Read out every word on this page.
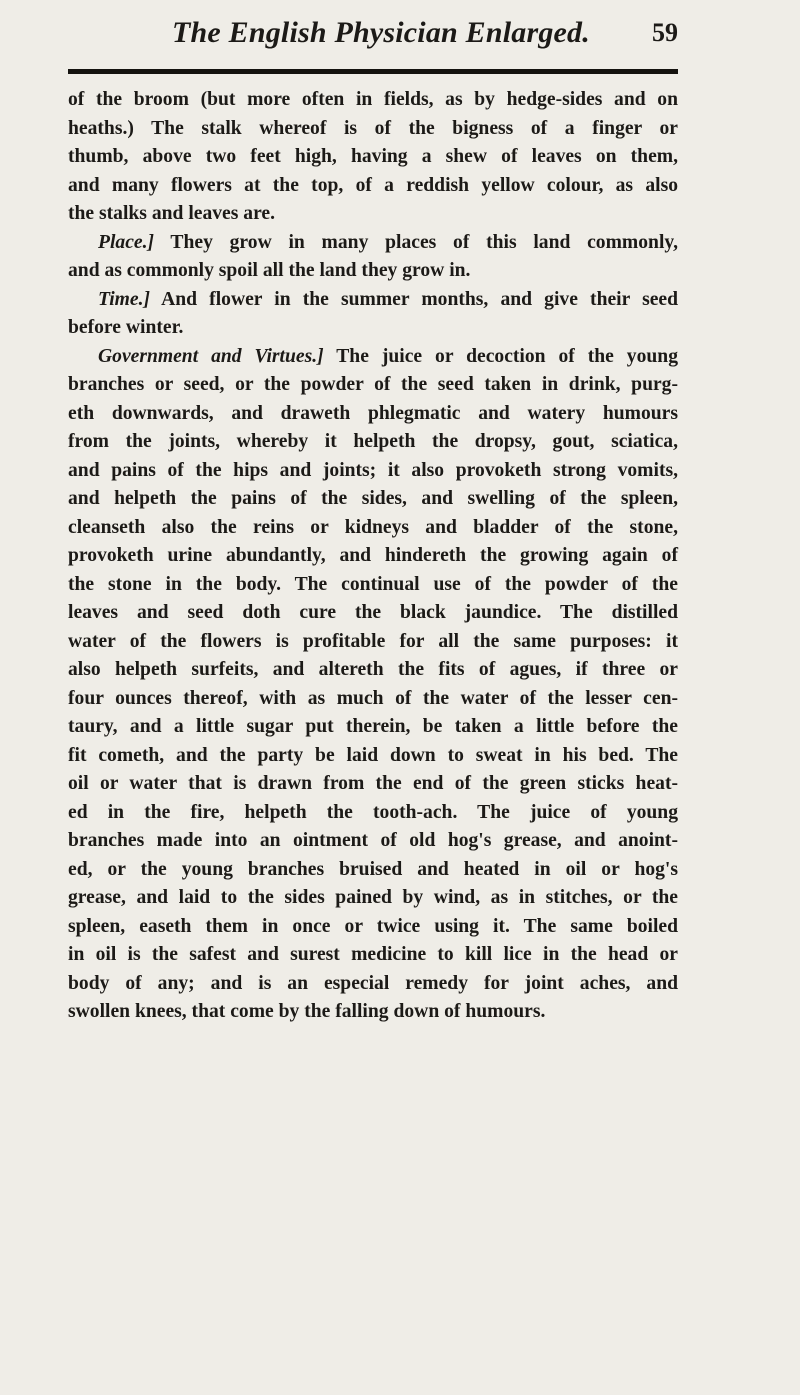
The English Physician Enlarged. 59
of the broom (but more often in fields, as by hedge-sides and on
heaths.) The stalk whereof is of the bigness of a finger or
thumb, above two feet high, having a shew of leaves on them,
and many flowers at the top, of a reddish yellow colour, as also
the stalks and leaves are.
Place.] They grow in many places of this land commonly,
and as commonly spoil all the land they grow in.
Time.] And flower in the summer months, and give their seed
before winter.
Government and Virtues.] The juice or decoction of the young
branches or seed, or the powder of the seed taken in drink, purg-
eth downwards, and draweth phlegmatic and watery humours
from the joints, whereby it helpeth the dropsy, gout, sciatica,
and pains of the hips and joints; it also provoketh strong vomits,
and helpeth the pains of the sides, and swelling of the spleen,
cleanseth also the reins or kidneys and bladder of the stone,
provoketh urine abundantly, and hindereth the growing again of
the stone in the body. The continual use of the powder of the
leaves and seed doth cure the black jaundice. The distilled
water of the flowers is profitable for all the same purposes: it
also helpeth surfeits, and altereth the fits of agues, if three or
four ounces thereof, with as much of the water of the lesser cen-
taury, and a little sugar put therein, be taken a little before the
fit cometh, and the party be laid down to sweat in his bed. The
oil or water that is drawn from the end of the green sticks heat-
ed in the fire, helpeth the tooth-ach. The juice of young
branches made into an ointment of old hog's grease, and anoint-
ed, or the young branches bruised and heated in oil or hog's
grease, and laid to the sides pained by wind, as in stitches, or the
spleen, easeth them in once or twice using it. The same boiled
in oil is the safest and surest medicine to kill lice in the head or
body of any; and is an especial remedy for joint aches, and
swollen knees, that come by the falling down of humours.
